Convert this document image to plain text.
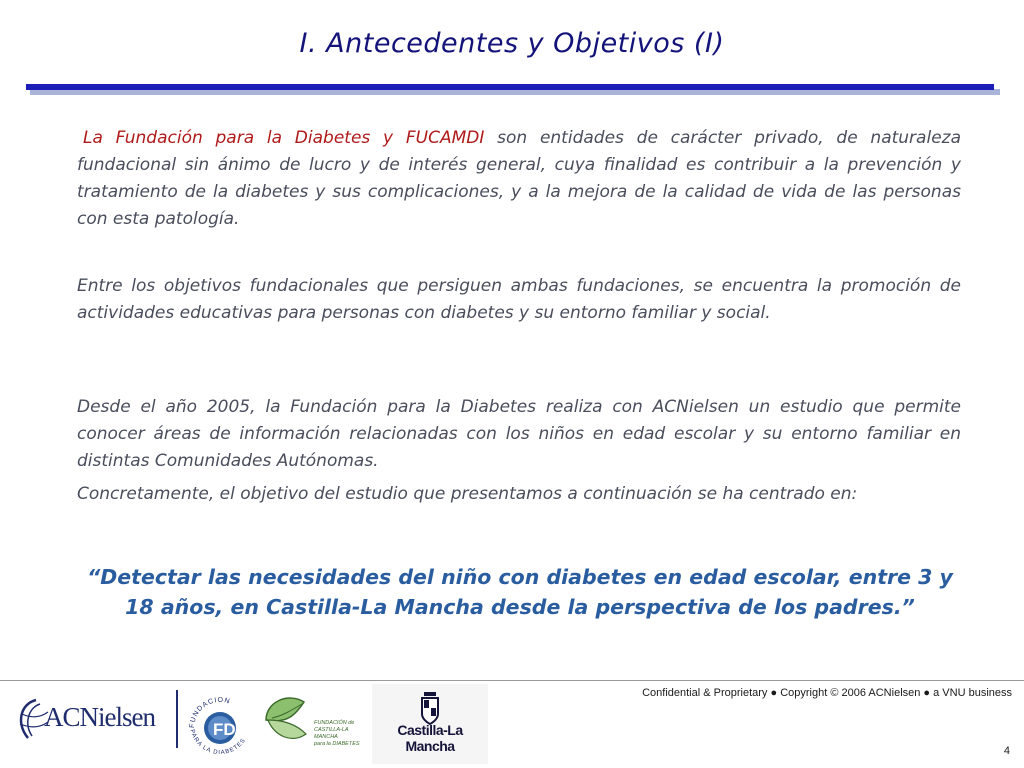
I. Antecedentes y Objetivos (I)

La Fundación para la Diabetes y FUCAMDI son entidades de carácter privado, de naturaleza fundacional sin ánimo de lucro y de interés general, cuya finalidad es contribuir a la prevención y tratamiento de la diabetes y sus complicaciones, y a la mejora de la calidad de vida de las personas con esta patología.

Entre los objetivos fundacionales que persiguen ambas fundaciones, se encuentra la promoción de actividades educativas para personas con diabetes y su entorno familiar y social.

Desde el año 2005, la Fundación para la Diabetes realiza con ACNielsen un estudio que permite conocer áreas de información relacionadas con los niños en edad escolar y su entorno familiar en distintas Comunidades Autónomas.

Concretamente, el objetivo del estudio que presentamos a continuación se ha centrado en:

“Detectar las necesidades del niño con diabetes en edad escolar, entre 3 y 18 años, en Castilla-La Mancha desde la perspectiva de los padres.”
Confidential & Proprietary ● Copyright © 2006 ACNielsen ● a VNU business
4
ACNielsen	FD
FUNDACION
PARA LA DIABETES
FUNDACIÓN de
CASTILLA-LA MANCHA
para la DIABETES
Castilla-La Mancha
